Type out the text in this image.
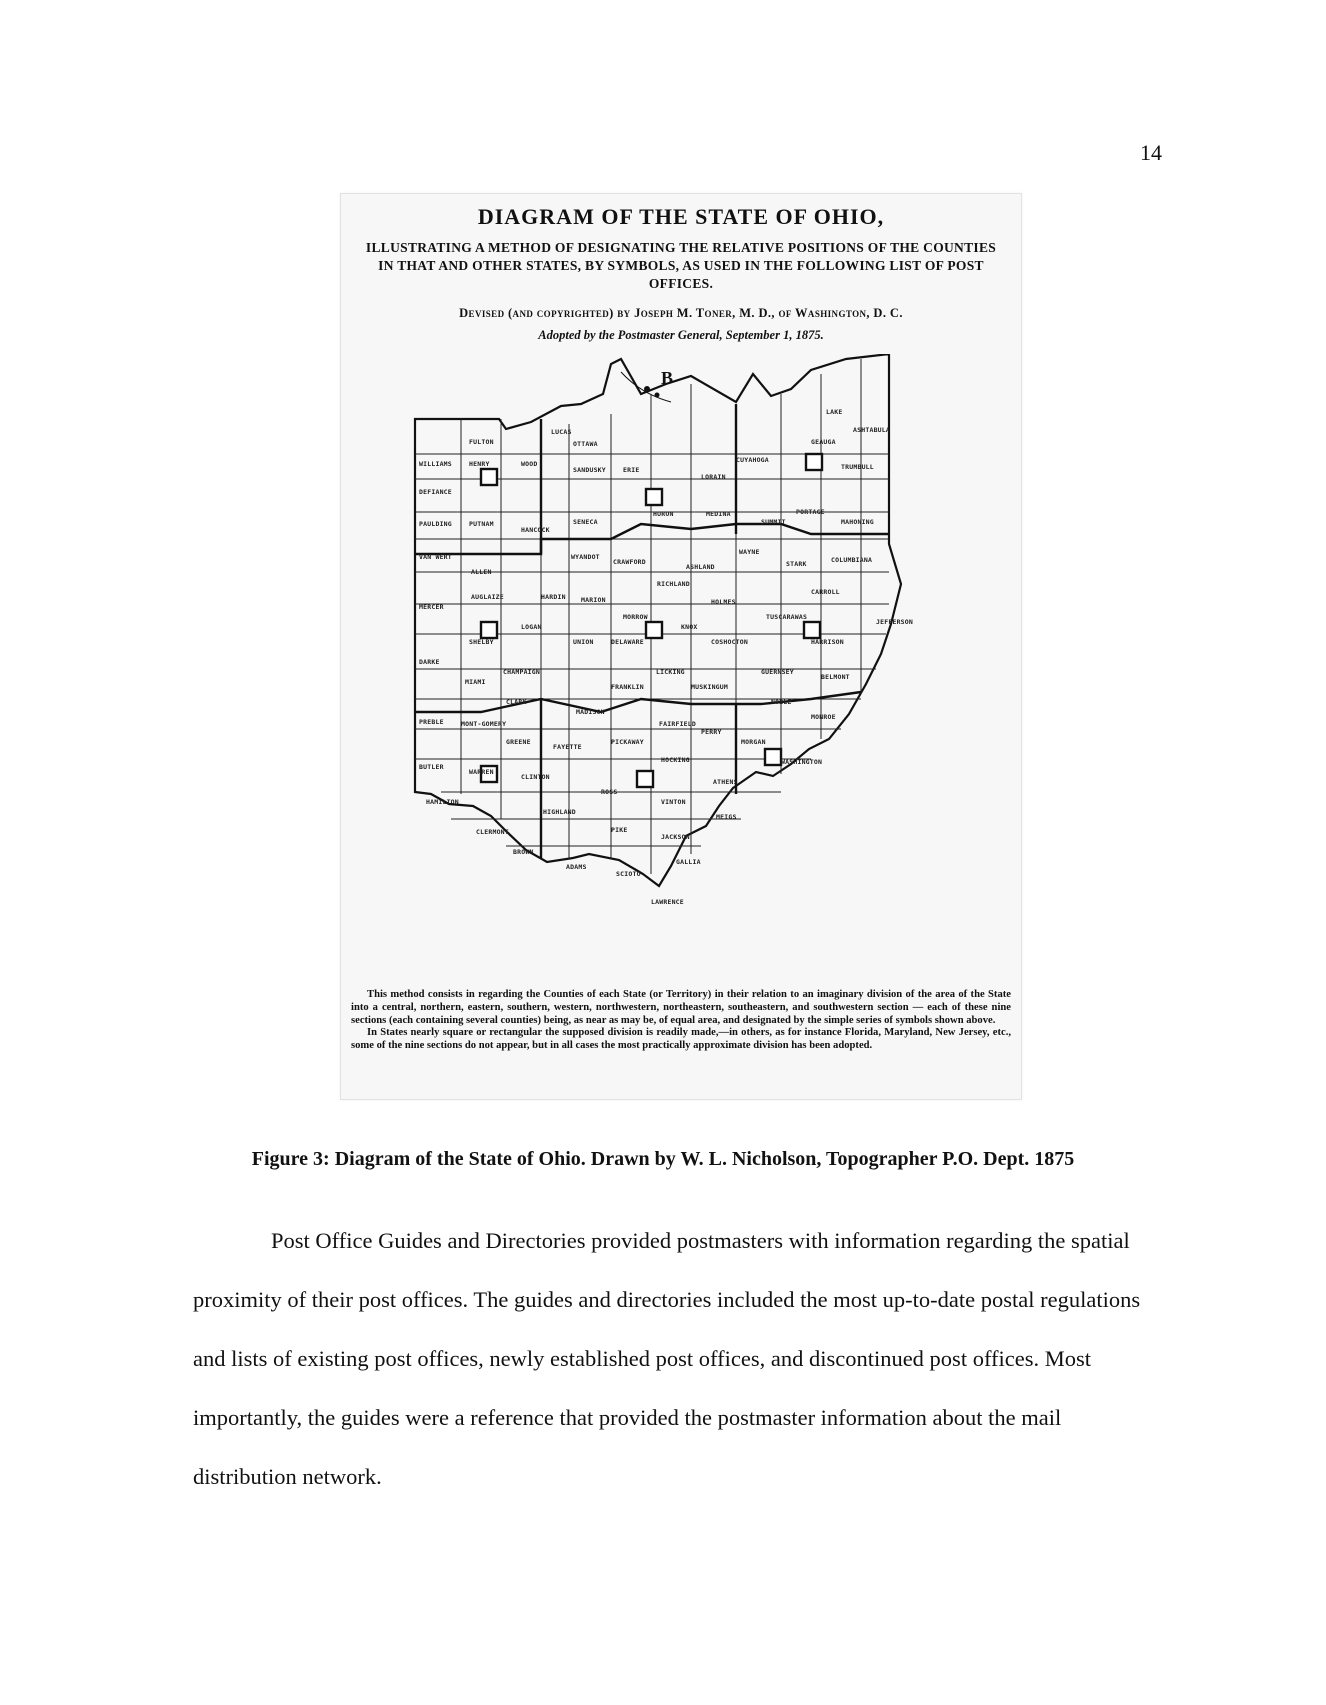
14
DIAGRAM OF THE STATE OF OHIO,
ILLUSTRATING A METHOD OF DESIGNATING THE RELATIVE POSITIONS OF THE COUNTIES IN THAT AND OTHER STATES, BY SYMBOLS, AS USED IN THE FOLLOWING LIST OF POST OFFICES.
Devised (and copyrighted) by Joseph M. Toner, M. D., of Washington, D. C.
Adopted by the Postmaster General, September 1, 1875.
B
FULTON
LUCAS
WILLIAMS
OTTAWA
LAKE
ASHTABULA
DEFIANCE
HENRY	WOOD
SANDUSKY	ERIE
LORAIN
CUYAHOGA
GEAUGA
TRUMBULL
PAULDING	PUTNAM
HANCOCK
SENECA
HURON	MEDINA
SUMMIT
PORTAGE
MAHONING
VAN WERT
ALLEN
WYANDOT
CRAWFORD
RICHLAND
ASHLAND
WAYNE
STARK	COLUMBIANA
AUGLAIZE	HARDIN MARION
MORROW
HOLMES
CARROLL
MERCER
LOGAN	KNOX
TUSCARAWAS
JEFFERSON
SHELBY	UNION	DELAWARE	COSHOCTON	HARRISON
DARKE
CHAMPAIGN	LICKING	GUERNSEY
BELMONT
MIAMI
FRANKLIN	MUSKINGUM
NOBLE
CLARK
MADISON
PREBLE	MONT-GOMERY	FAIRFIELD
PERRY
MONROE
GREENE
FAYETTE
PICKAWAY	MORGAN
BUTLER
WARREN
CLINTON
HOCKING	WASHINGTON
ATHENS
HAMILTON
ROSS
VINTON
HIGHLAND
MEIGS
CLERMONT
BROWN
PIKE
JACKSON
ADAMS
SCIOTO
GALLIA
LAWRENCE

This method consists in regarding the Counties of each State (or Territory) in their relation to an imaginary division of the area of the State into a central, northern, eastern, southern, western, northwestern, northeastern, southeastern, and southwestern section — each of these nine sections (each containing several counties) being, as near as may be, of equal area, and designated by the simple series of symbols shown above.

In States nearly square or rectangular the supposed division is readily made,—in others, as for instance Florida, Maryland, New Jersey, etc., some of the nine sections do not appear, but in all cases the most practically approximate division has been adopted.

Figure 3: Diagram of the State of Ohio. Drawn by W. L. Nicholson, Topographer P.O. Dept. 1875

Post Office Guides and Directories provided postmasters with information regarding the spatial proximity of their post offices. The guides and directories included the most up-to-date postal regulations and lists of existing post offices, newly established post offices, and discontinued post offices. Most importantly, the guides were a reference that provided the postmaster information about the mail distribution network.
